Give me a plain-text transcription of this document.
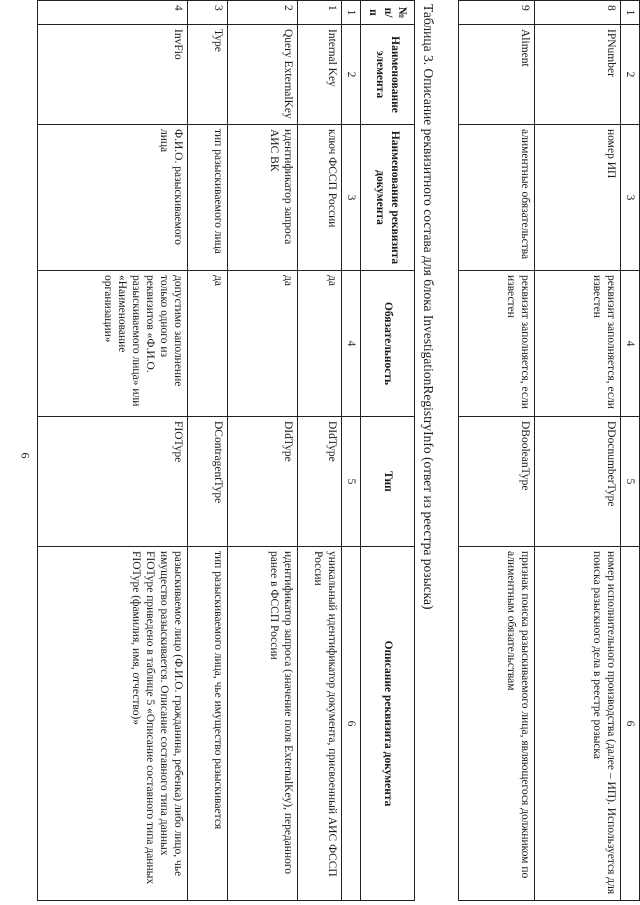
6
1	2	3	4	5	6
8	IPNumber	номер ИП	реквизит заполняется, если известен	DDocnumberType	номер исполнительного производства (далее – ИП). Используется для поиска разыскного дела в реестре розыска
9	Aliment	алиментные обязательства	реквизит заполняется, если известен	DBooleanType	признак поиска разыскиваемого лица, являющегося должником по алиментным обязательствам
Таблица 3. Описание реквизитного состава для блока InvestigationRegistryInfo (ответ из реестра розыска)
№ п/п	Наименование элемента	Наименование реквизита документа	Обязательность	Тип	Описание реквизита документа
1	2	3	4	5	6
1	Internal Key	ключ ФССП России	да	DIdType	уникальный идентификатор документа, присвоенный АИС ФССП России
2	Query ExternalKey	идентификатор запроса АИС ВК	да	DIdType	идентификатор запроса (значение поля ExternalKey), переданного ранее в ФССП России
3	Type	тип разыскиваемого лица	да	DContragentType	тип разыскиваемого лица, чье имущество разыскивается
4	InvFio	Ф.И.О. разыскиваемого лица	допустимо заполнение только одного из реквизитов «Ф.И.О. разыскиваемого лица» или «Наименование организации»	FIOType	разыскиваемое лицо (Ф.И.О. гражданина, ребенка) либо лицо, чье имущество разыскивается. Описание составного типа данных FIOType приведено в таблице 5 «Описание составного типа данных FIOType (фамилия, имя, отчество)»
